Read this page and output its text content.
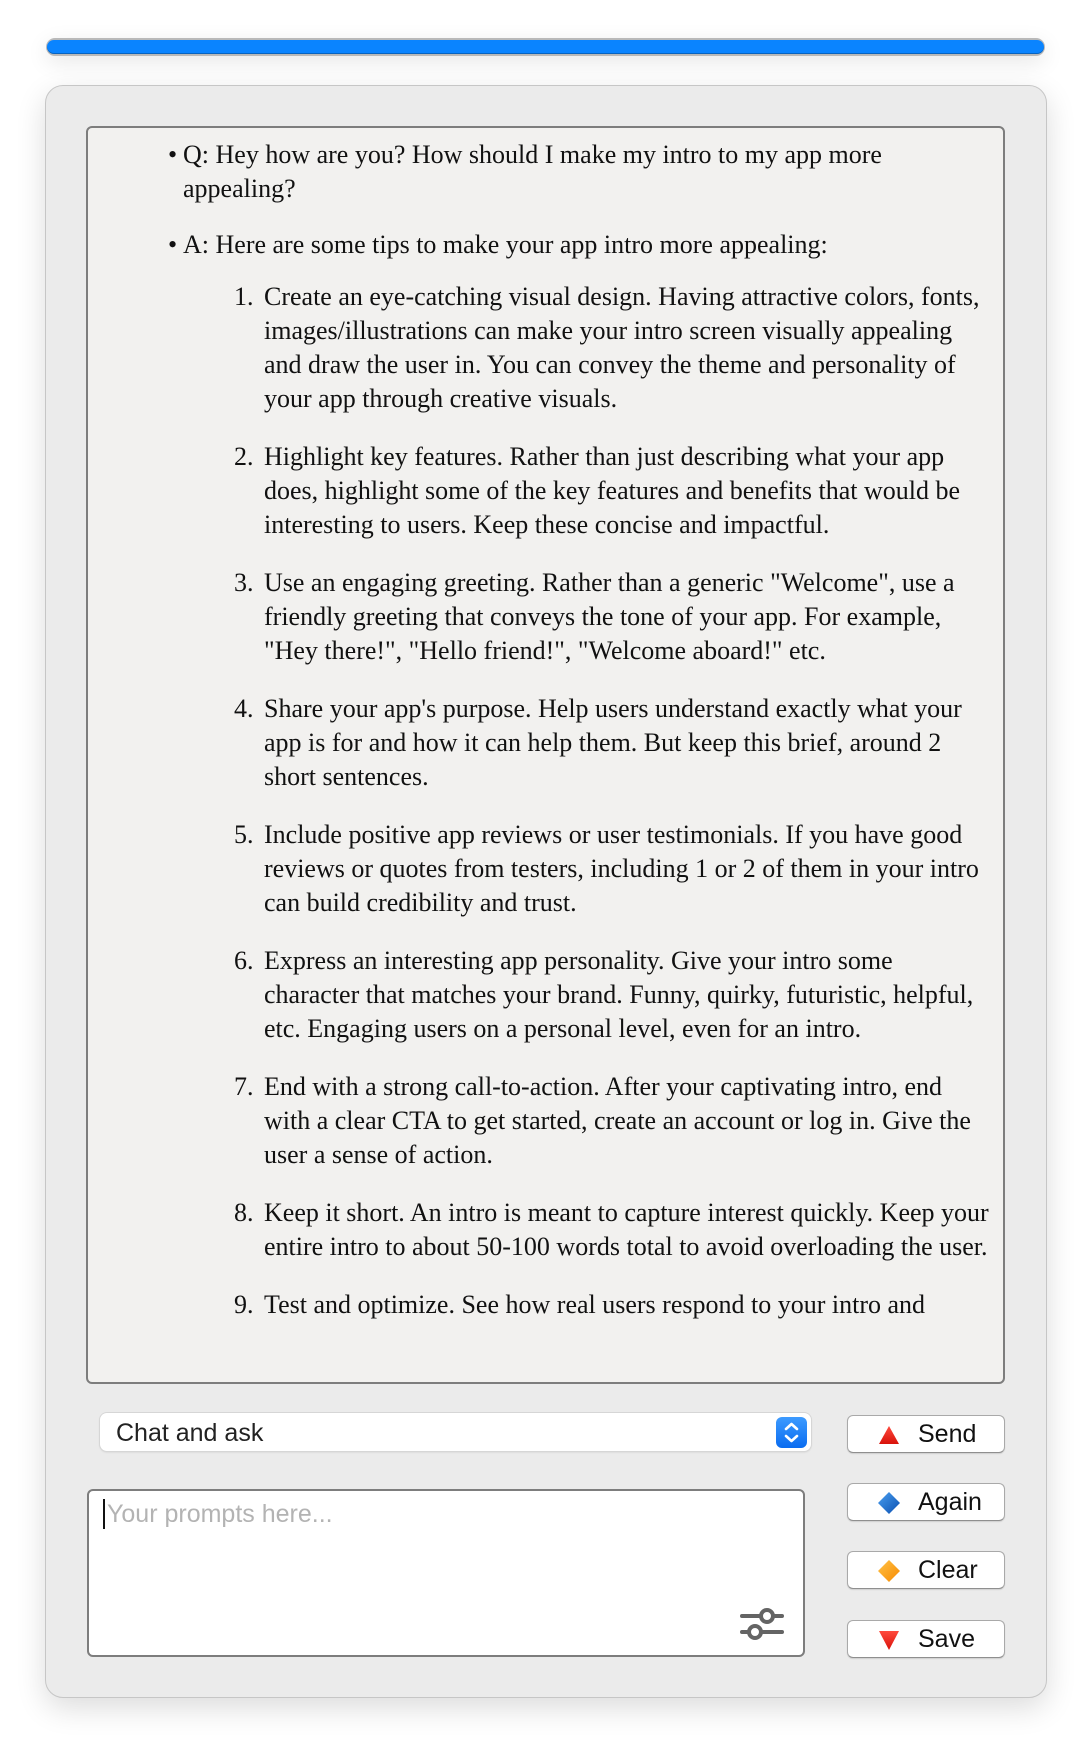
• Q: Hey how are you? How should I make my intro to my app more appealing?
• A: Here are some tips to make your app intro more appealing:
1. Create an eye-catching visual design. Having attractive colors, fonts, images/illustrations can make your intro screen visually appealing and draw the user in. You can convey the theme and personality of your app through creative visuals.
2. Highlight key features. Rather than just describing what your app does, highlight some of the key features and benefits that would be interesting to users. Keep these concise and impactful.
3. Use an engaging greeting. Rather than a generic "Welcome", use a friendly greeting that conveys the tone of your app. For example, "Hey there!", "Hello friend!", "Welcome aboard!" etc.
4. Share your app's purpose. Help users understand exactly what your app is for and how it can help them. But keep this brief, around 2 short sentences.
5. Include positive app reviews or user testimonials. If you have good reviews or quotes from testers, including 1 or 2 of them in your intro can build credibility and trust.
6. Express an interesting app personality. Give your intro some character that matches your brand. Funny, quirky, futuristic, helpful, etc. Engaging users on a personal level, even for an intro.
7. End with a strong call-to-action. After your captivating intro, end with a clear CTA to get started, create an account or log in. Give the user a sense of action.
8. Keep it short. An intro is meant to capture interest quickly. Keep your entire intro to about 50-100 words total to avoid overloading the user.
9. Test and optimize. See how real users respond to your intro and
Chat and ask	Send
Again
Clear
Save
Your prompts here...
